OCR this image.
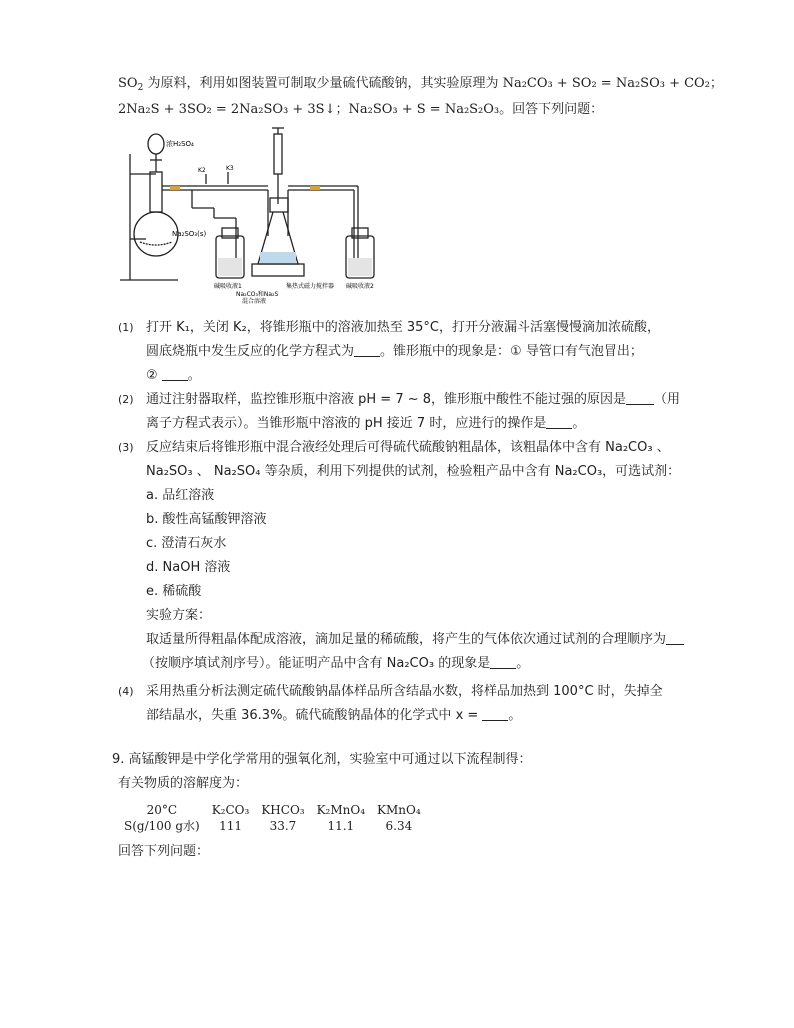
$SO_2$ 为原料，利用如图装置可制取少量硫代硫酸钠，其实验原理为 Na₂CO₃ + SO₂ = Na₂SO₃ + CO₂；
2Na₂S + 3SO₂ = 2Na₂SO₃ + 3S↓；Na₂SO₃ + S = Na₂S₂O₃。回答下列问题：
浓H₂SO₄
K2	K3
Na₂SO₃(s)
碱吸收液1
Na₂CO₃和Na₂S
混合溶液
集热式磁力搅拌器 碱吸收液2
(1) 打开 K₁，关闭 K₂，将锥形瓶中的溶液加热至 35°C，打开分液漏斗活塞慢慢滴加浓硫酸，
圆底烧瓶中发生反应的化学方程式为 。锥形瓶中的现象是：① 导管口有气泡冒出；
② 。
(2) 通过注射器取样，监控锥形瓶中溶液 pH = 7 ~ 8，锥形瓶中酸性不能过强的原因是 （用
离子方程式表示）。当锥形瓶中溶液的 pH 接近 7 时，应进行的操作是 。
(3) 反应结束后将锥形瓶中混合液经处理后可得硫代硫酸钠粗晶体，该粗晶体中含有 Na₂CO₃ 、
Na₂SO₃ 、 Na₂SO₄ 等杂质，利用下列提供的试剂，检验粗产品中含有 Na₂CO₃，可选试剂：
a. 品红溶液
b. 酸性高锰酸钾溶液
c. 澄清石灰水
d. NaOH 溶液
e. 稀硫酸
实验方案：
取适量所得粗晶体配成溶液，滴加足量的稀硫酸，将产生的气体依次通过试剂的合理顺序为
（按顺序填试剂序号）。能证明产品中含有 Na₂CO₃ 的现象是 。
(4) 采用热重分析法测定硫代硫酸钠晶体样品所含结晶水数，将样品加热到 100°C 时，失掉全
部结晶水，失重 36.3%。硫代硫酸钠晶体的化学式中 x = 。
9. 高锰酸钾是中学化学常用的强氧化剂，实验室中可通过以下流程制得：
有关物质的溶解度为：
20°C	K₂CO₃	KHCO₃	K₂MnO₄	KMnO₄
S(g/100 g水)	111	33.7	11.1	6.34
回答下列问题：
